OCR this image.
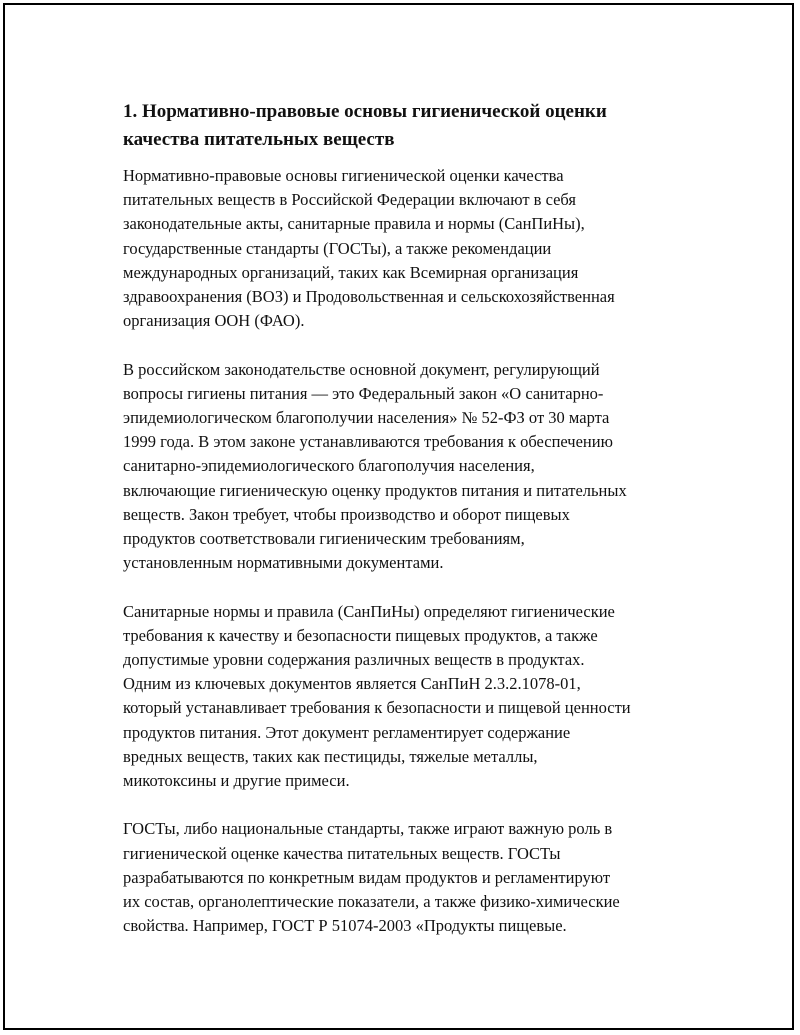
1. Нормативно-правовые основы гигиенической оценки
качества питательных веществ

Нормативно-правовые основы гигиенической оценки качества
питательных веществ в Российской Федерации включают в себя
законодательные акты, санитарные правила и нормы (СанПиНы),
государственные стандарты (ГОСТы), а также рекомендации
международных организаций, таких как Всемирная организация
здравоохранения (ВОЗ) и Продовольственная и сельскохозяйственная
организация ООН (ФАО).

В российском законодательстве основной документ, регулирующий
вопросы гигиены питания — это Федеральный закон «О санитарно-
эпидемиологическом благополучии населения» № 52-ФЗ от 30 марта
1999 года. В этом законе устанавливаются требования к обеспечению
санитарно-эпидемиологического благополучия населения,
включающие гигиеническую оценку продуктов питания и питательных
веществ. Закон требует, чтобы производство и оборот пищевых
продуктов соответствовали гигиеническим требованиям,
установленным нормативными документами.

Санитарные нормы и правила (СанПиНы) определяют гигиенические
требования к качеству и безопасности пищевых продуктов, а также
допустимые уровни содержания различных веществ в продуктах.
Одним из ключевых документов является СанПиН 2.3.2.1078-01,
который устанавливает требования к безопасности и пищевой ценности
продуктов питания. Этот документ регламентирует содержание
вредных веществ, таких как пестициды, тяжелые металлы,
микотоксины и другие примеси.

ГОСТы, либо национальные стандарты, также играют важную роль в
гигиенической оценке качества питательных веществ. ГОСТы
разрабатываются по конкретным видам продуктов и регламентируют
их состав, органолептические показатели, а также физико-химические
свойства. Например, ГОСТ Р 51074-2003 «Продукты пищевые.
